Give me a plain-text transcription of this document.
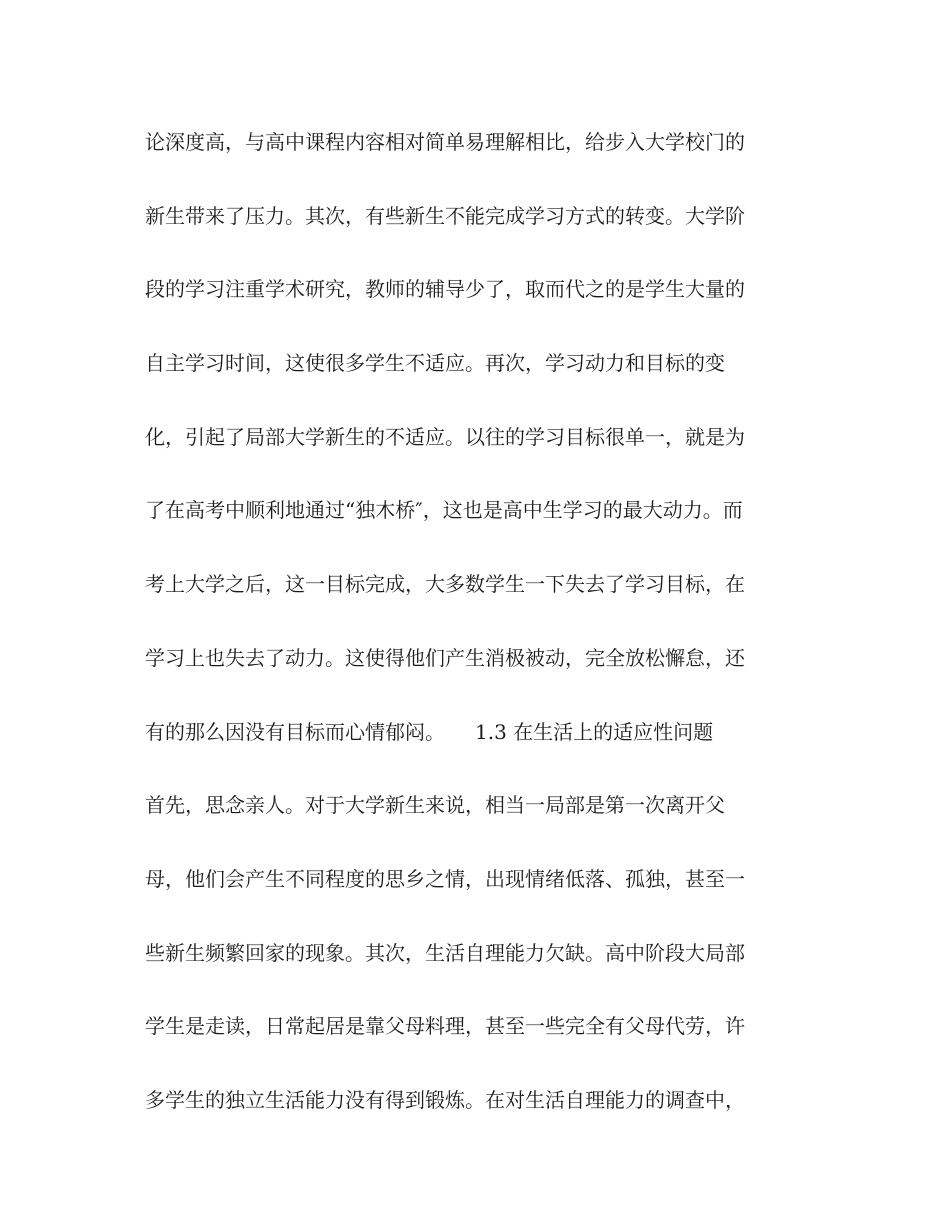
论深度高，与高中课程内容相对简单易理解相比，给步入大学校门的
新生带来了压力。其次，有些新生不能完成学习方式的转变。大学阶
段的学习注重学术研究，教师的辅导少了，取而代之的是学生大量的
自主学习时间，这使很多学生不适应。再次，学习动力和目标的变
化，引起了局部大学新生的不适应。以往的学习目标很单一，就是为
了在高考中顺利地通过“独木桥″，这也是高中生学习的最大动力。而
考上大学之后，这一目标完成，大多数学生一下失去了学习目标，在
学习上也失去了动力。这使得他们产生消极被动，完全放松懈怠，还
有的那么因没有目标而心情郁闷。　　1.3 在生活上的适应性问题
首先，思念亲人。对于大学新生来说，相当一局部是第一次离开父
母，他们会产生不同程度的思乡之情，出现情绪低落、孤独，甚至一
些新生频繁回家的现象。其次，生活自理能力欠缺。高中阶段大局部
学生是走读，日常起居是靠父母料理，甚至一些完全有父母代劳，许
多学生的独立生活能力没有得到锻炼。在对生活自理能力的调查中，
